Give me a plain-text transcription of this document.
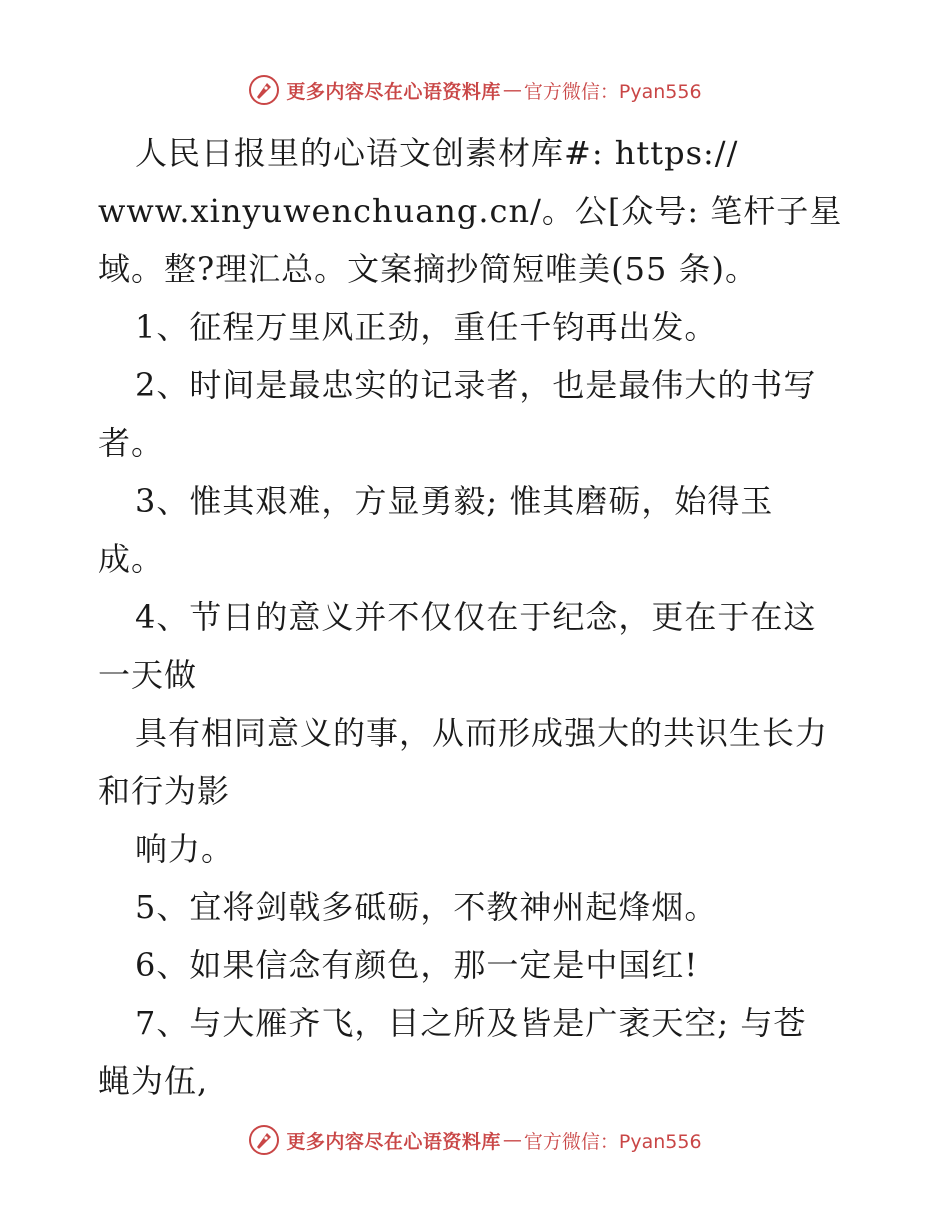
更多内容尽在心语资料库 — 官方微信：Pyan556
人民日报里的心语文创素材库#: https://
www.xinyuwenchuang.cn/。公[众号: 笔杆子星
域。整?理汇总。文案摘抄简短唯美(55 条)。
1、征程万里风正劲，重任千钧再出发。
2、时间是最忠实的记录者，也是最伟大的书写
者。
3、惟其艰难，方显勇毅; 惟其磨砺，始得玉
成。
4、节日的意义并不仅仅在于纪念，更在于在这
一天做
具有相同意义的事，从而形成强大的共识生长力
和行为影
响力。
5、宜将剑戟多砥砺，不教神州起烽烟。
6、如果信念有颜色，那一定是中国红!
7、与大雁齐飞，目之所及皆是广袤天空; 与苍
蝇为伍,
更多内容尽在心语资料库 — 官方微信：Pyan556
